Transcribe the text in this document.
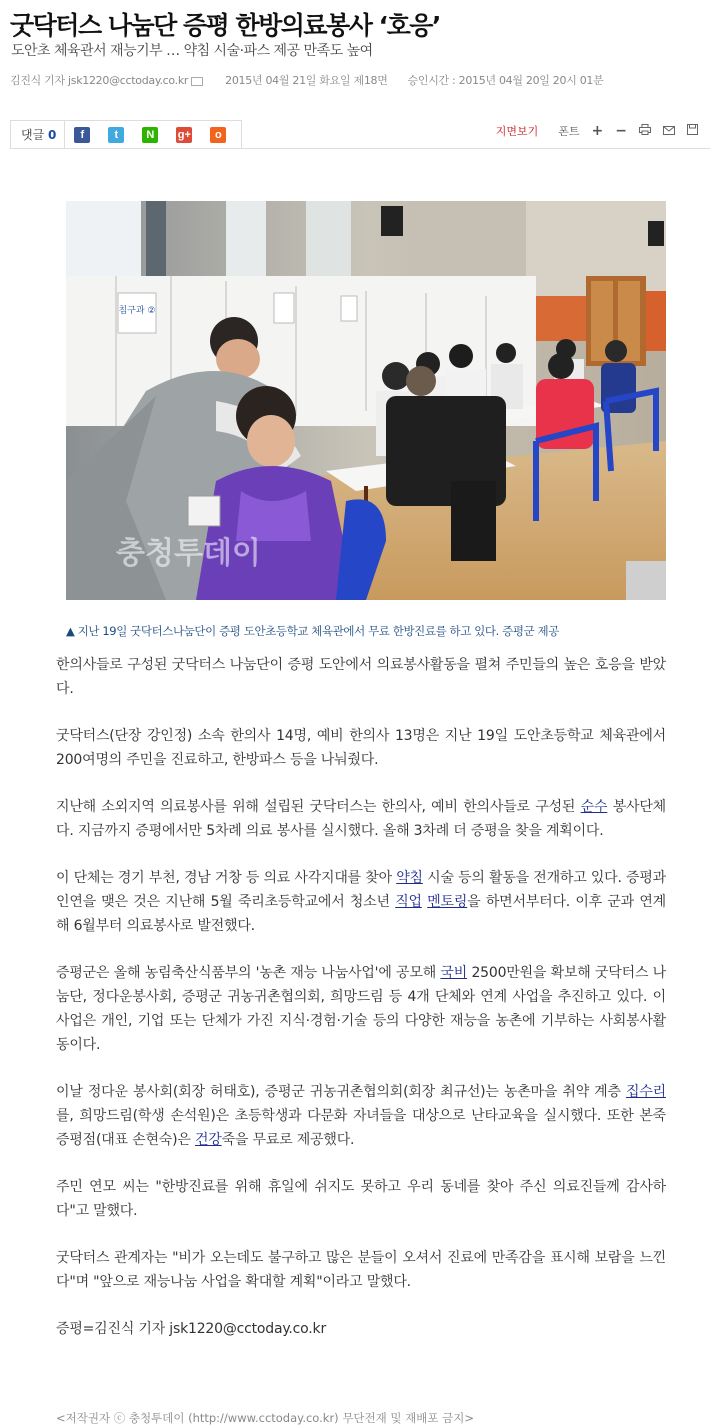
굿닥터스 나눔단 증평 한방의료봉사 ‘호응’
도안초 체육관서 재능기부 … 약침 시술·파스 제공 만족도 높여
김진식 기자 jsk1220@cctoday.co.kr	2015년 04월 21일 화요일 제18면 승인시간 : 2015년 04월 20일 20시 01분
댓글 0	f	t	N	g+	o	지면보기 폰트 + −
침구과 ②
충청투데이
▲ 지난 19일 굿닥터스나눔단이 증평 도안초등학교 체육관에서 무료 한방진료를 하고 있다. 증평군 제공

한의사들로 구성된 굿닥터스 나눔단이 증평 도안에서 의료봉사활동을 펼쳐 주민들의 높은 호응을 받았다.

굿닥터스(단장 강인정) 소속 한의사 14명, 예비 한의사 13명은 지난 19일 도안초등학교 체육관에서 200여명의 주민을 진료하고, 한방파스 등을 나눠줬다.

지난해 소외지역 의료봉사를 위해 설립된 굿닥터스는 한의사, 예비 한의사들로 구성된 순수 봉사단체다. 지금까지 증평에서만 5차례 의료 봉사를 실시했다. 올해 3차례 더 증평을 찾을 계획이다.

이 단체는 경기 부천, 경남 거창 등 의료 사각지대를 찾아 약침 시술 등의 활동을 전개하고 있다. 증평과 인연을 맺은 것은 지난해 5월 죽리초등학교에서 청소년 직업 멘토링을 하면서부터다. 이후 군과 연계해 6월부터 의료봉사로 발전했다.

증평군은 올해 농림축산식품부의 '농촌 재능 나눔사업'에 공모해 국비 2500만원을 확보해 굿닥터스 나눔단, 정다운봉사회, 증평군 귀농귀촌협의회, 희망드림 등 4개 단체와 연계 사업을 추진하고 있다. 이 사업은 개인, 기업 또는 단체가 가진 지식·경험·기술 등의 다양한 재능을 농촌에 기부하는 사회봉사활동이다.

이날 정다운 봉사회(회장 허태호), 증평군 귀농귀촌협의회(회장 최규선)는 농촌마을 취약 계층 집수리를, 희망드림(학생 손석원)은 초등학생과 다문화 자녀들을 대상으로 난타교육을 실시했다. 또한 본죽 증평점(대표 손현숙)은 건강죽을 무료로 제공했다.

주민 연모 씨는 "한방진료를 위해 휴일에 쉬지도 못하고 우리 동네를 찾아 주신 의료진들께 감사하다"고 말했다.

굿닥터스 관계자는 "비가 오는데도 불구하고 많은 분들이 오셔서 진료에 만족감을 표시해 보람을 느낀다"며 "앞으로 재능나눔 사업을 확대할 계획"이라고 말했다.

증평=김진식 기자 jsk1220@cctoday.co.kr

<저작권자 ⓒ 충청투데이 (http://www.cctoday.co.kr) 무단전재 및 재배포 금지>
